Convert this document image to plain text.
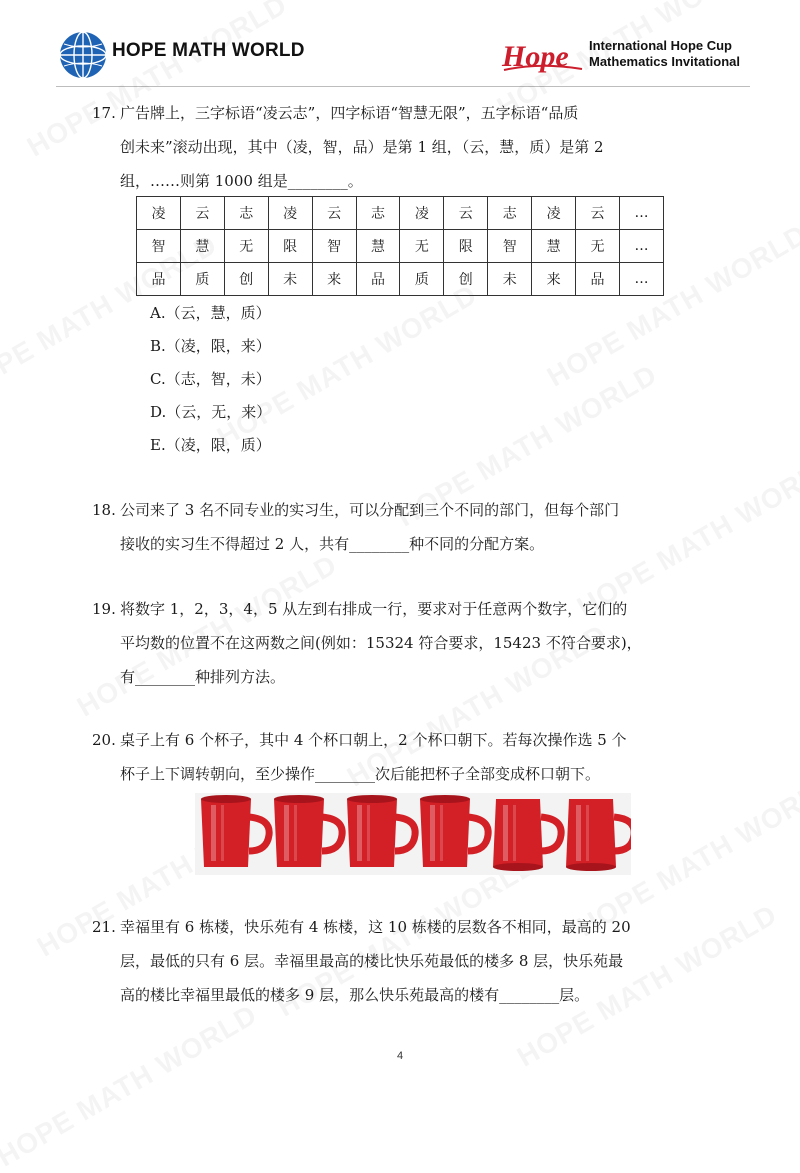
HOPE MATH WORLD	Hope International Hope Cup
Mathematics Invitational
17. 广告牌上，三字标语“凌云志”，四字标语“智慧无限”，五字标语“品质

创未来”滚动出现，其中（凌，智，品）是第 1 组，（云，慧，质）是第 2

组，……则第 1000 组是________。

凌	云	志	凌	云	志	凌	云	志	凌	云	…
智	慧	无	限	智	慧	无	限	智	慧	无	…
品	质	创	未	来	品	质	创	未	来	品	…
A.（云，慧，质）
B.（凌，限，来）
C.（志，智，未）
D.（云，无，来）
E.（凌，限，质）
18. 公司来了 3 名不同专业的实习生，可以分配到三个不同的部门，但每个部门

接收的实习生不得超过 2 人，共有________种不同的分配方案。

19. 将数字 1，2，3，4，5 从左到右排成一行，要求对于任意两个数字，它们的

平均数的位置不在这两数之间(例如：15324 符合要求，15423 不符合要求)，

有________种排列方法。

20. 桌子上有 6 个杯子，其中 4 个杯口朝上，2 个杯口朝下。若每次操作选 5 个

杯子上下调转朝向，至少操作________次后能把杯子全部变成杯口朝下。

21. 幸福里有 6 栋楼，快乐苑有 4 栋楼，这 10 栋楼的层数各不相同，最高的 20

层，最低的只有 6 层。幸福里最高的楼比快乐苑最低的楼多 8 层，快乐苑最

高的楼比幸福里最低的楼多 9 层，那么快乐苑最高的楼有________层。

4
